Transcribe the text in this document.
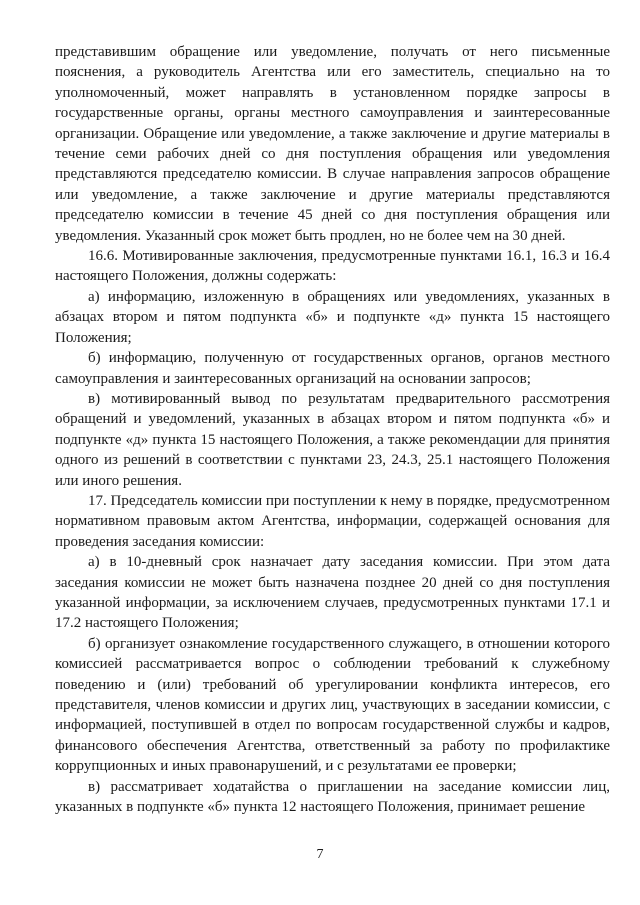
представившим обращение или уведомление, получать от него письменные пояснения, а руководитель Агентства или его заместитель, специально на то уполномоченный, может направлять в установленном порядке запросы в государственные органы, органы местного самоуправления и заинтересованные организации. Обращение или уведомление, а также заключение и другие материалы в течение семи рабочих дней со дня поступления обращения или уведомления представляются председателю комиссии. В случае направления запросов обращение или уведомление, а также заключение и другие материалы представляются председателю комиссии в течение 45 дней со дня поступления обращения или уведомления. Указанный срок может быть продлен, но не более чем на 30 дней.

16.6. Мотивированные заключения, предусмотренные пунктами 16.1, 16.3 и 16.4 настоящего Положения, должны содержать:

а) информацию, изложенную в обращениях или уведомлениях, указанных в абзацах втором и пятом подпункта «б» и подпункте «д» пункта 15 настоящего Положения;

б) информацию, полученную от государственных органов, органов местного самоуправления и заинтересованных организаций на основании запросов;

в) мотивированный вывод по результатам предварительного рассмотрения обращений и уведомлений, указанных в абзацах втором и пятом подпункта «б» и подпункте «д» пункта 15 настоящего Положения, а также рекомендации для принятия одного из решений в соответствии с пунктами 23, 24.3, 25.1 настоящего Положения или иного решения.

17. Председатель комиссии при поступлении к нему в порядке, предусмотренном нормативном правовым актом Агентства, информации, содержащей основания для проведения заседания комиссии:

а) в 10-дневный срок назначает дату заседания комиссии. При этом дата заседания комиссии не может быть назначена позднее 20 дней со дня поступления указанной информации, за исключением случаев, предусмотренных пунктами 17.1 и 17.2 настоящего Положения;

б) организует ознакомление государственного служащего, в отношении которого комиссией рассматривается вопрос о соблюдении требований к служебному поведению и (или) требований об урегулировании конфликта интересов, его представителя, членов комиссии и других лиц, участвующих в заседании комиссии, с информацией, поступившей в отдел по вопросам государственной службы и кадров, финансового обеспечения Агентства, ответственный за работу по профилактике коррупционных и иных правонарушений, и с результатами ее проверки;

в) рассматривает ходатайства о приглашении на заседание комиссии лиц, указанных в подпункте «б» пункта 12 настоящего Положения, принимает решение

7
